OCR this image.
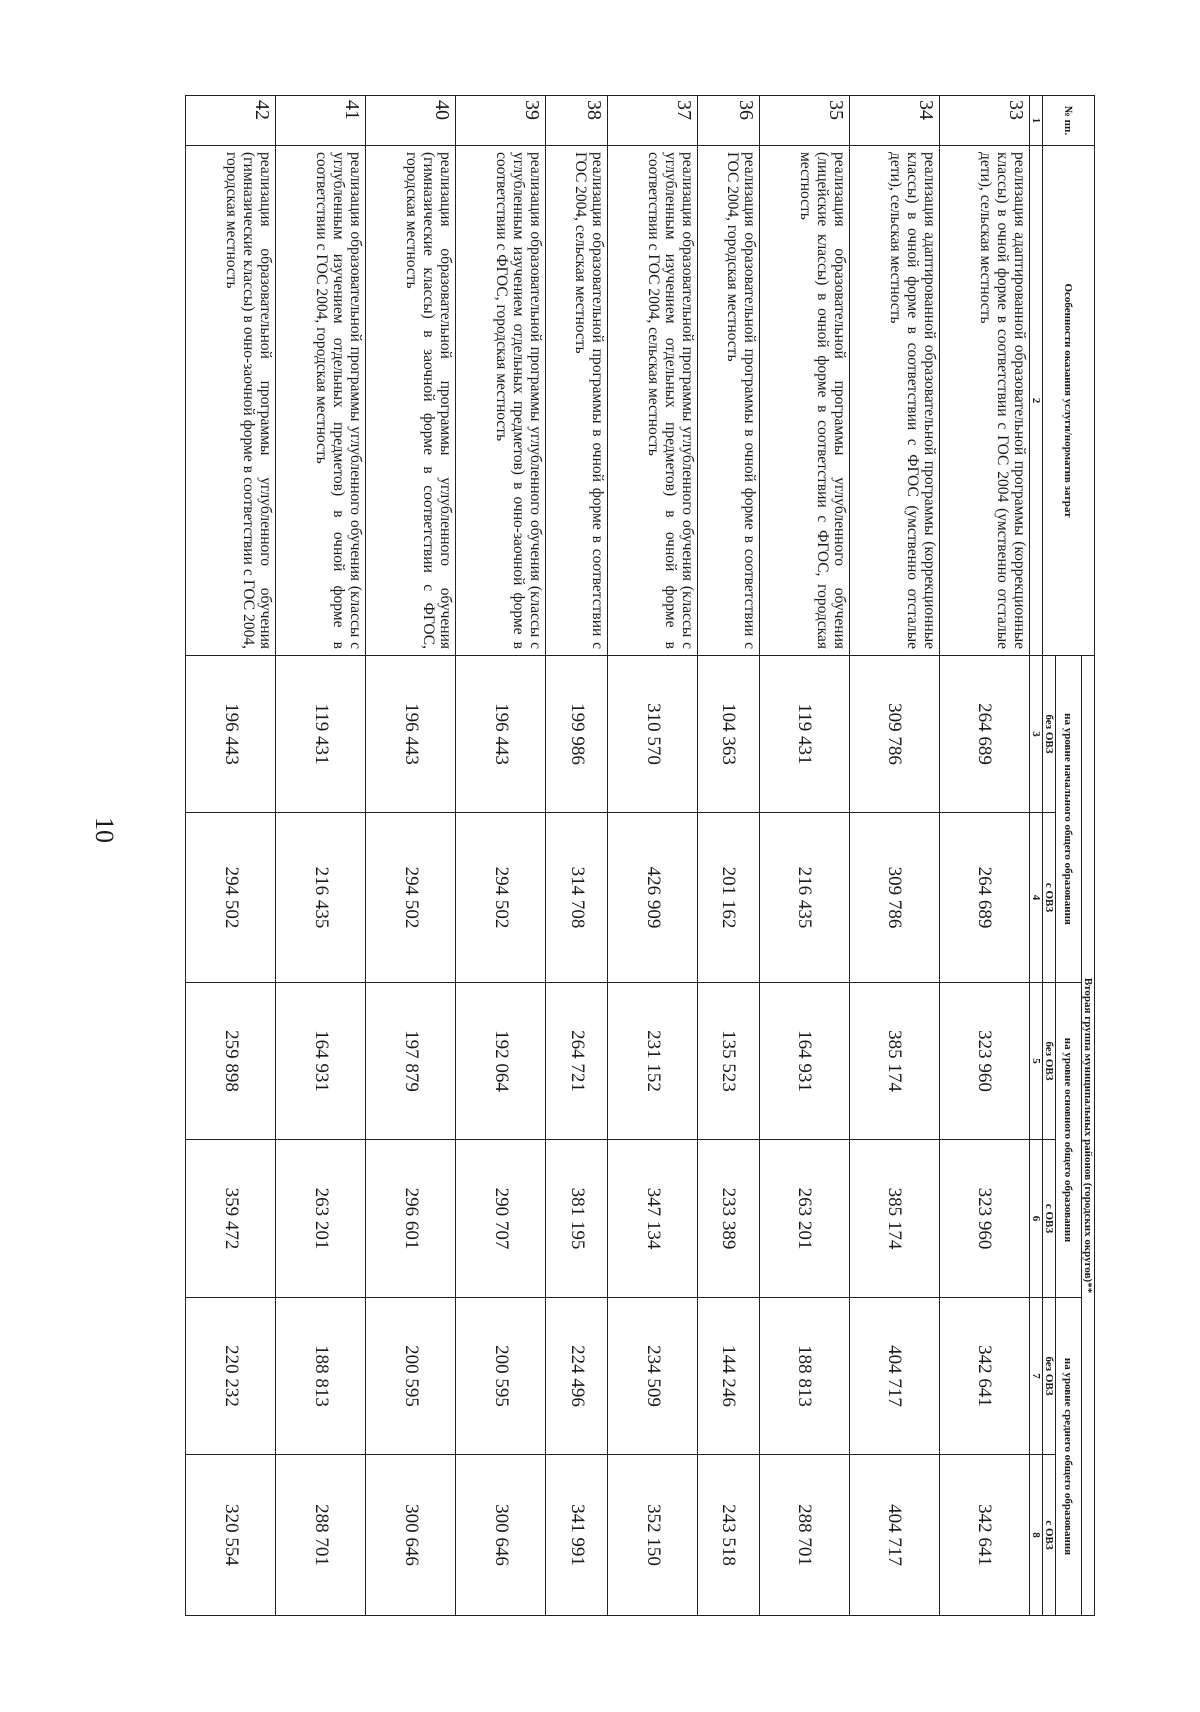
10
№ пп.	Особенности оказания услуги/норматив затрат	Вторая группа муниципальных районов (городских округов)**					
		на уровне начального общего образования		на уровне основного общего образования		на уровне среднего общего образования	
		без ОВЗ	с ОВЗ	без ОВЗ	с ОВЗ	без ОВЗ	с ОВЗ
1	2	3	4	5	6	7	8
33	реализация адаптированной образовательной программы (коррекционные классы) в очной форме в соответствии с ГОС 2004 (умственно отсталые дети), сельская местность	264 689	264 689	323 960	323 960	342 641	342 641
34	реализация адаптированной образовательной программы (коррекционные классы) в очной форме в соответствии с ФГОС (умственно отсталые дети), сельская местность	309 786	309 786	385 174	385 174	404 717	404 717
35	реализация образовательной программы углубленного обучения (лицейские классы) в очной форме в соответствии с ФГОС, городская местность	119 431	216 435	164 931	263 201	188 813	288 701
36	реализация образовательной программы в очной форме в соответствии с ГОС 2004, городская местность	104 363	201 162	135 523	233 389	144 246	243 518
37	реализация образовательной программы углубленного обучения (классы с углубленным изучением отдельных предметов) в очной форме в соответствии с ГОС 2004, сельская местность	310 570	426 909	231 152	347 134	234 509	352 150
38	реализация образовательной программы в очной форме в соответствии с ГОС 2004, сельская местность	199 986	314 708	264 721	381 195	224 496	341 991
39	реализация образовательной программы углубленного обучения (классы с углубленным изучением отдельных предметов) в очно-заочной форме в соответствии с ФГОС, городская местность	196 443	294 502	192 064	290 707	200 595	300 646
40	реализация образовательной программы углубленного обучения (гимназические классы) в заочной форме в соответствии с ФГОС, городская местность	196 443	294 502	197 879	296 601	200 595	300 646
41	реализация образовательной программы углубленного обучения (классы с углубленным изучением отдельных предметов) в очной форме в соответствии с ГОС 2004, городская местность	119 431	216 435	164 931	263 201	188 813	288 701
42	реализация образовательной программы углубленного обучения (гимназические классы) в очно-заочной форме в соответствии с ГОС 2004, городская местность	196 443	294 502	259 898	359 472	220 232	320 554
